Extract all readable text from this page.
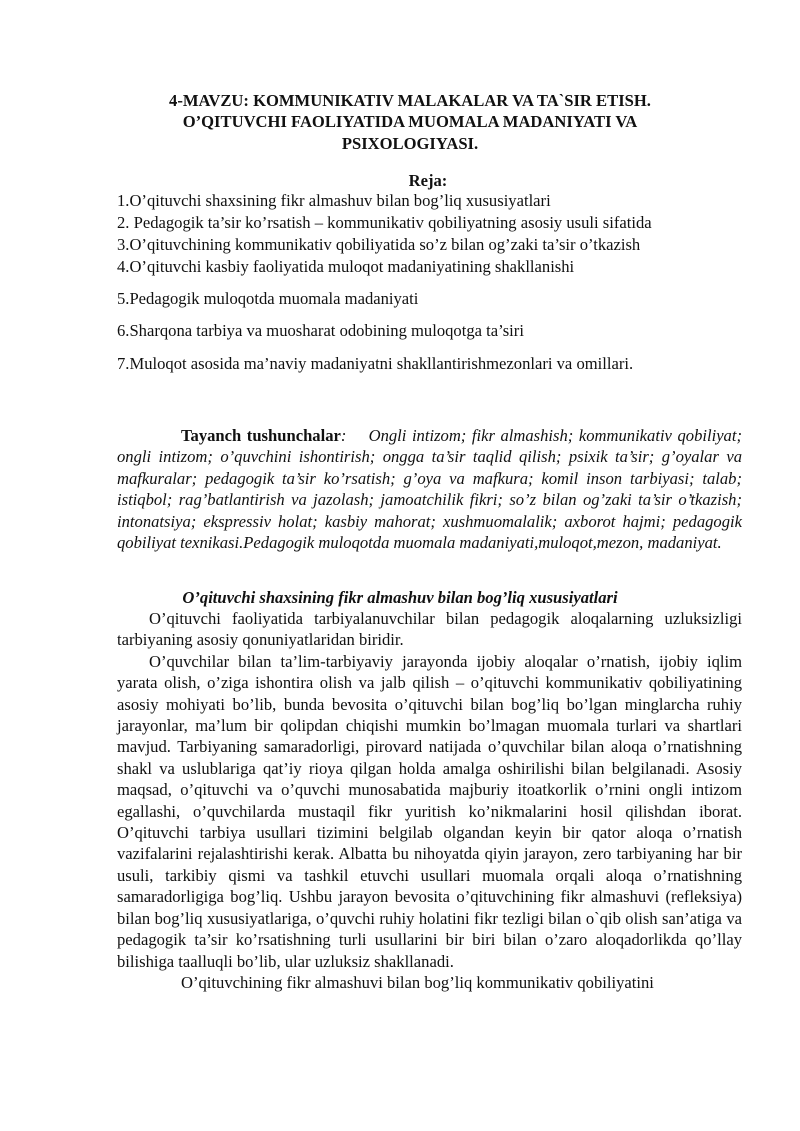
4-MAVZU: KOMMUNIKATIV MALAKALAR VA TA`SIR ETISH.
O’QITUVCHI FAOLIYATIDA MUOMALA MADANIYATI VA
PSIXOLOGIYASI.
Reja:
1.O’qituvchi shaxsining fikr almashuv bilan bog’liq xususiyatlari
2. Pedagogik ta’sir ko’rsatish – kommunikativ qobiliyatning asosiy usuli sifatida
3.O’qituvchining kommunikativ qobiliyatida so’z bilan og’zaki ta’sir o’tkazish
4.O’qituvchi kasbiy faoliyatida muloqot madaniyatining shakllanishi
5.Pedagogik muloqotda muomala madaniyati
6.Sharqona tarbiya va muosharat odobining muloqotga ta’siri
7.Muloqot asosida ma’naviy madaniyatni shakllantirishmezonlari va omillari.
Tayanch tushunchalar: Ongli intizom; fikr almashish; kommunikativ qobiliyat; ongli intizom; o’quvchini ishontirish; ongga ta’sir taqlid qilish; psixik ta’sir; g’oyalar va mafkuralar; pedagogik ta’sir ko’rsatish; g’oya va mafkura; komil inson tarbiyasi; talab; istiqbol; rag’batlantirish va jazolash; jamoatchilik fikri; so’z bilan og’zaki ta’sir o’tkazish; intonatsiya; ekspressiv holat; kasbiy mahorat; xushmuomalalik; axborot hajmi; pedagogik qobiliyat texnikasi.Pedagogik muloqotda muomala madaniyati,muloqot,mezon, madaniyat.
O’qituvchi shaxsining fikr almashuv bilan bog’liq xususiyatlari

O’qituvchi faoliyatida tarbiyalanuvchilar bilan pedagogik aloqalarning uzluksizligi tarbiyaning asosiy qonuniyatlaridan biridir.

O’quvchilar bilan ta’lim-tarbiyaviy jarayonda ijobiy aloqalar o’rnatish, ijobiy iqlim yarata olish, o’ziga ishontira olish va jalb qilish – o’qituvchi kommunikativ qobiliyatining asosiy mohiyati bo’lib, bunda bevosita o’qituvchi bilan bog’liq bo’lgan minglarcha ruhiy jarayonlar, ma’lum bir qolipdan chiqishi mumkin bo’lmagan muomala turlari va shartlari mavjud. Tarbiyaning samaradorligi, pirovard natijada o’quvchilar bilan aloqa o’rnatishning shakl va uslublariga qat’iy rioya qilgan holda amalga oshirilishi bilan belgilanadi. Asosiy maqsad, o’qituvchi va o’quvchi munosabatida majburiy itoatkorlik o’rnini ongli intizom egallashi, o’quvchilarda mustaqil fikr yuritish ko’nikmalarini hosil qilishdan iborat. O’qituvchi tarbiya usullari tizimini belgilab olgandan keyin bir qator aloqa o’rnatish vazifalarini rejalashtirishi kerak. Albatta bu nihoyatda qiyin jarayon, zero tarbiyaning har bir usuli, tarkibiy qismi va tashkil etuvchi usullari muomala orqali aloqa o’rnatishning samaradorligiga bog’liq. Ushbu jarayon bevosita o’qituvchining fikr almashuvi (refleksiya) bilan bog’liq xususiyatlariga, o’quvchi ruhiy holatini fikr tezligi bilan o`qib olish san’atiga va pedagogik ta’sir ko’rsatishning turli usullarini bir biri bilan o’zaro aloqadorlikda qo’llay bilishiga taalluqli bo’lib, ular uzluksiz shakllanadi.

O’qituvchining fikr almashuvi bilan bog’liq kommunikativ qobiliyatini
